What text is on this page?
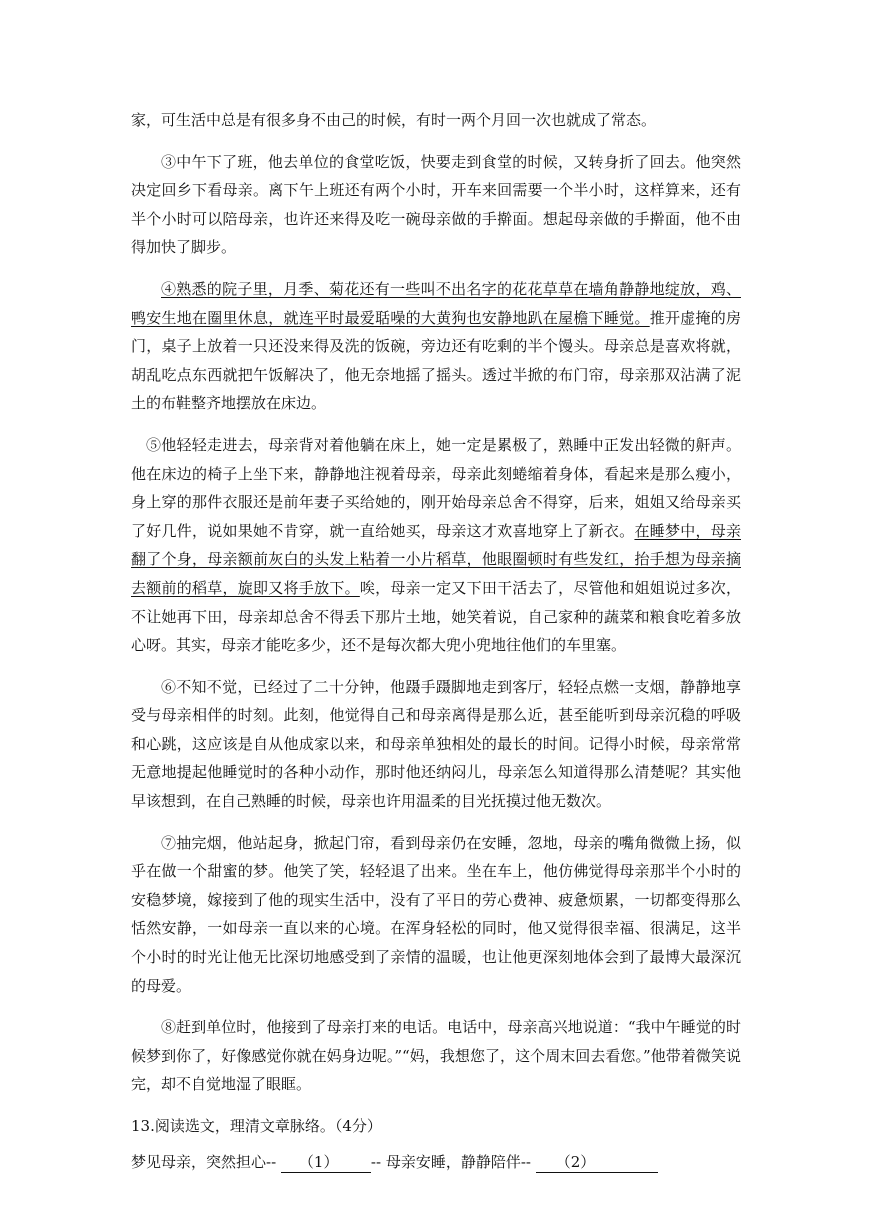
家，可生活中总是有很多身不由己的时候，有时一两个月回一次也就成了常态。

③中午下了班，他去单位的食堂吃饭，快要走到食堂的时候，又转身折了回去。他突然决定回乡下看母亲。离下午上班还有两个小时，开车来回需要一个半小时，这样算来，还有半个小时可以陪母亲，也许还来得及吃一碗母亲做的手擀面。想起母亲做的手擀面，他不由得加快了脚步。

④熟悉的院子里，月季、菊花还有一些叫不出名字的花花草草在墙角静静地绽放，鸡、鸭安生地在圈里休息，就连平时最爱聒噪的大黄狗也安静地趴在屋檐下睡觉。推开虚掩的房门，桌子上放着一只还没来得及洗的饭碗，旁边还有吃剩的半个馒头。母亲总是喜欢将就，胡乱吃点东西就把午饭解决了，他无奈地摇了摇头。透过半掀的布门帘，母亲那双沾满了泥土的布鞋整齐地摆放在床边。

⑤他轻轻走进去，母亲背对着他躺在床上，她一定是累极了，熟睡中正发出轻微的鼾声。他在床边的椅子上坐下来，静静地注视着母亲，母亲此刻蜷缩着身体，看起来是那么瘦小，身上穿的那件衣服还是前年妻子买给她的，刚开始母亲总舍不得穿，后来，姐姐又给母亲买了好几件，说如果她不肯穿，就一直给她买，母亲这才欢喜地穿上了新衣。在睡梦中，母亲翻了个身，母亲额前灰白的头发上粘着一小片稻草，他眼圈顿时有些发红，抬手想为母亲摘去额前的稻草，旋即又将手放下。唉，母亲一定又下田干活去了，尽管他和姐姐说过多次，不让她再下田，母亲却总舍不得丢下那片土地，她笑着说，自己家种的蔬菜和粮食吃着多放心呀。其实，母亲才能吃多少，还不是每次都大兜小兜地往他们的车里塞。

⑥不知不觉，已经过了二十分钟，他蹑手蹑脚地走到客厅，轻轻点燃一支烟，静静地享受与母亲相伴的时刻。此刻，他觉得自己和母亲离得是那么近，甚至能听到母亲沉稳的呼吸和心跳，这应该是自从他成家以来，和母亲单独相处的最长的时间。记得小时候，母亲常常无意地提起他睡觉时的各种小动作，那时他还纳闷儿，母亲怎么知道得那么清楚呢？其实他早该想到，在自己熟睡的时候，母亲也许用温柔的目光抚摸过他无数次。

⑦抽完烟，他站起身，掀起门帘，看到母亲仍在安睡，忽地，母亲的嘴角微微上扬，似乎在做一个甜蜜的梦。他笑了笑，轻轻退了出来。坐在车上，他仿佛觉得母亲那半个小时的安稳梦境，嫁接到了他的现实生活中，没有了平日的劳心费神、疲惫烦累，一切都变得那么恬然安静，一如母亲一直以来的心境。在浑身轻松的同时，他又觉得很幸福、很满足，这半个小时的时光让他无比深切地感受到了亲情的温暖，也让他更深刻地体会到了最博大最深沉的母爱。

⑧赶到单位时，他接到了母亲打来的电话。电话中，母亲高兴地说道：“我中午睡觉的时候梦到你了，好像感觉你就在妈身边呢。”“妈，我想您了，这个周末回去看您。”他带着微笑说完，却不自觉地湿了眼眶。

13.阅读选文，理清文章脉络。（4分）

梦见母亲，突然担心-- （1） -- 母亲安睡，静静陪伴-- （2）
